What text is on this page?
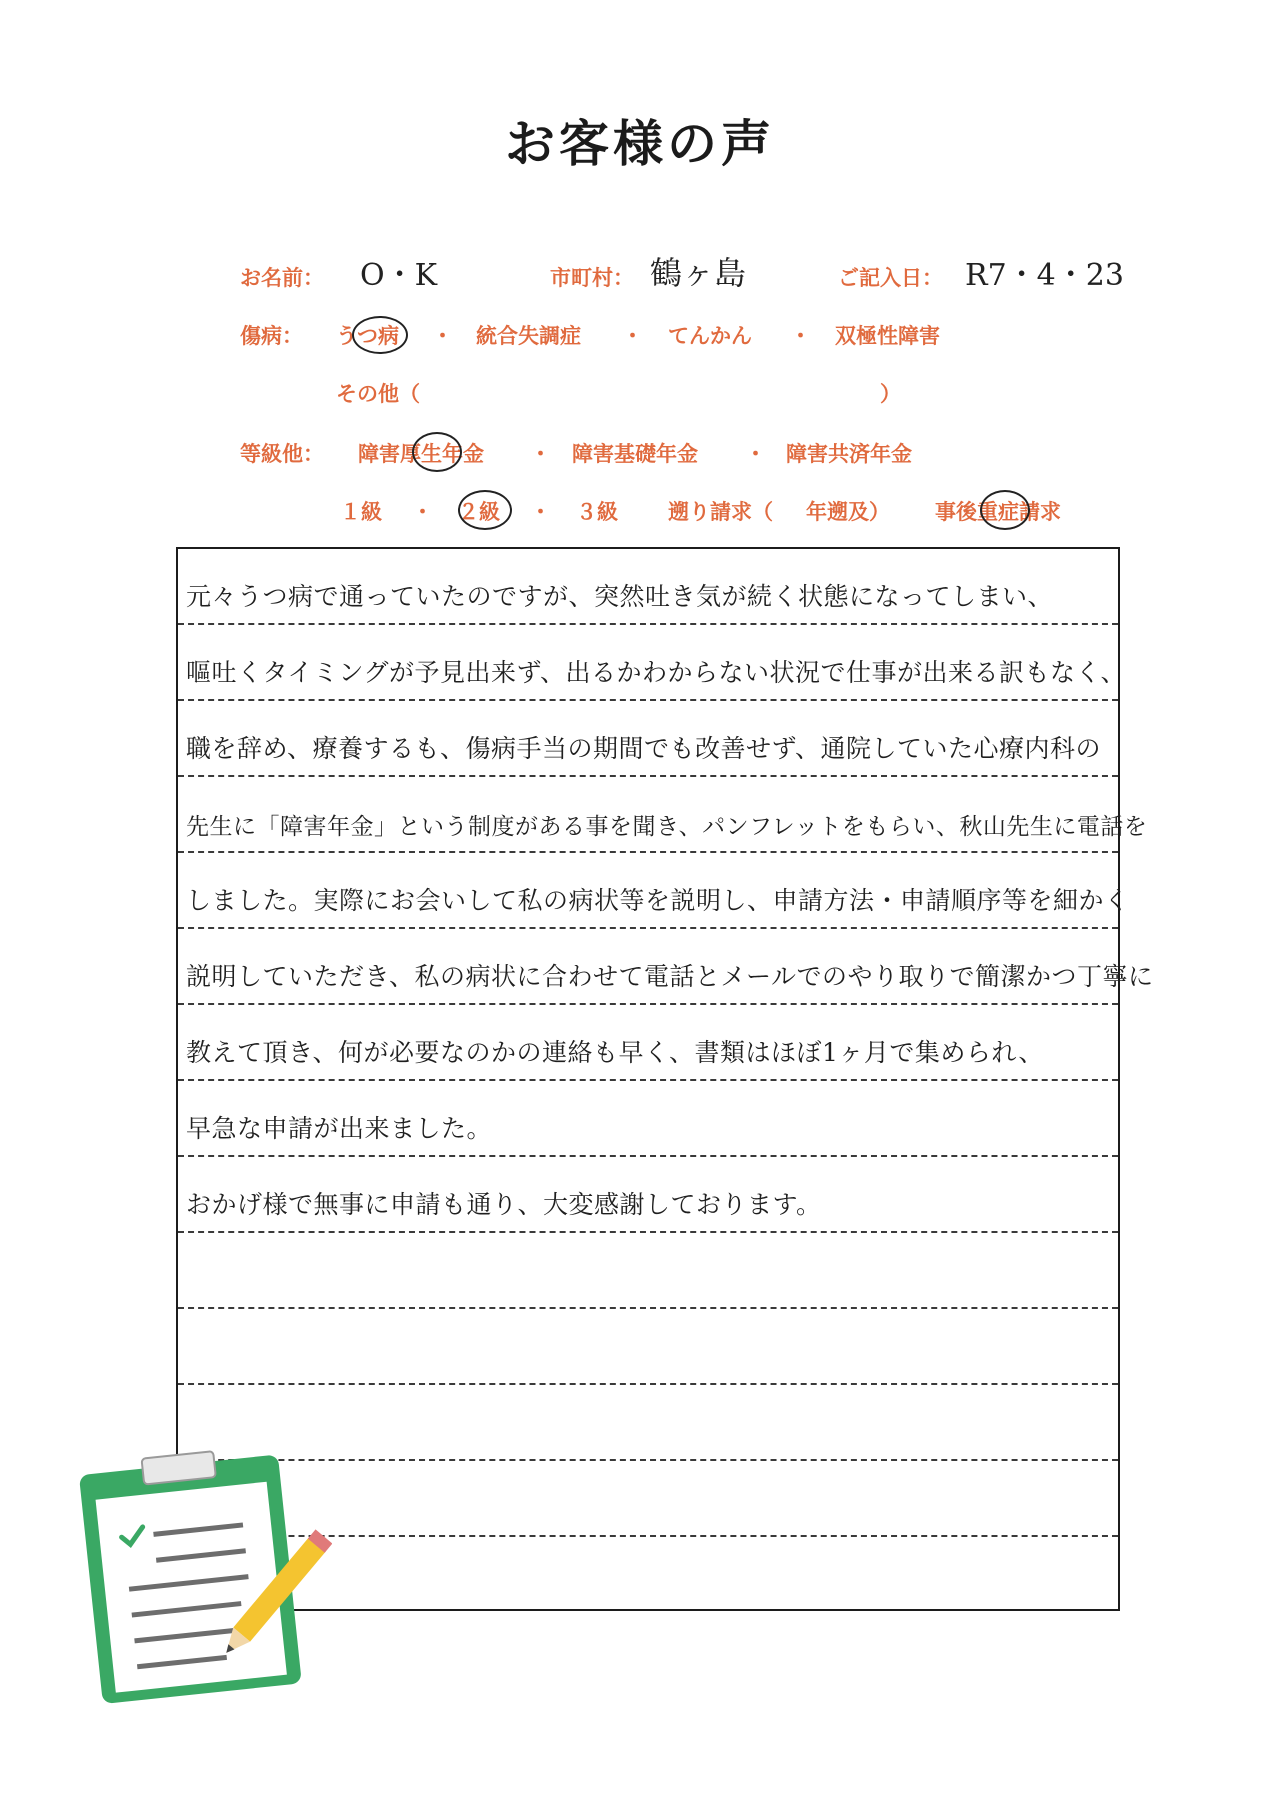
お客様の声
お名前： O・K	市町村： 鶴ヶ島	ご記入日： R7・4・23
傷病： うつ病 ・ 統合失調症 ・ てんかん ・ 双極性障害
その他（	）
等級他： 障害厚生年金 ・ 障害基礎年金 ・ 障害共済年金
１級 ・ ２級 ・ ３級 遡り請求（ 年遡及） 事後重症請求
元々うつ病で通っていたのですが、突然吐き気が続く状態になってしまい、
嘔吐くタイミングが予見出来ず、出るかわからない状況で仕事が出来る訳もなく、
職を辞め、療養するも、傷病手当の期間でも改善せず、通院していた心療内科の
先生に「障害年金」という制度がある事を聞き、パンフレットをもらい、秋山先生に電話を
しました。実際にお会いして私の病状等を説明し、申請方法・申請順序等を細かく
説明していただき、私の病状に合わせて電話とメールでのやり取りで簡潔かつ丁寧に
教えて頂き、何が必要なのかの連絡も早く、書類はほぼ1ヶ月で集められ、
早急な申請が出来ました。
おかげ様で無事に申請も通り、大変感謝しております。
